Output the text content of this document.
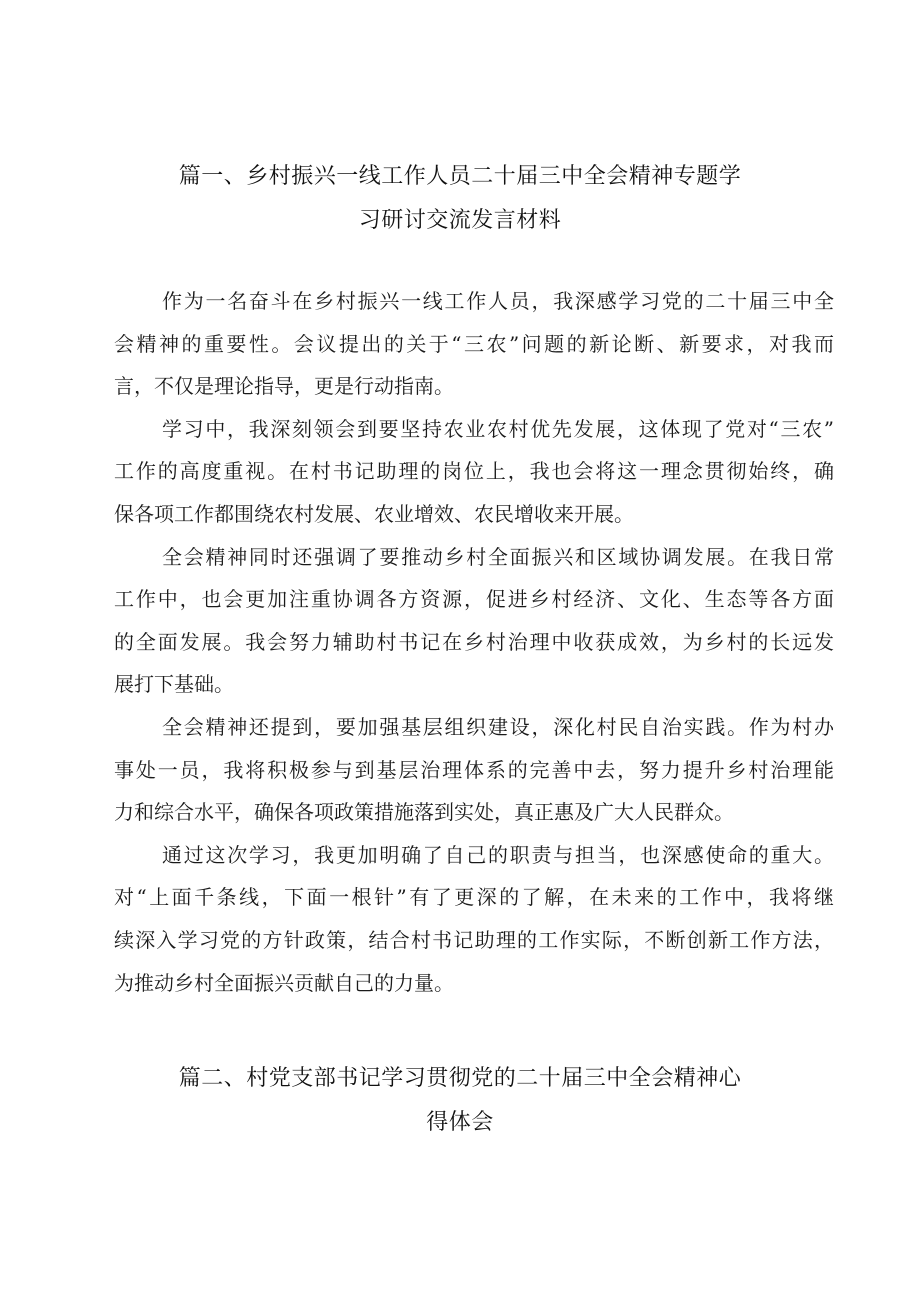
篇一、乡村振兴一线工作人员二十届三中全会精神专题学
习研讨交流发言材料
作为一名奋斗在乡村振兴一线工作人员，我深感学习党的二十届三中全
会精神的重要性。会议提出的关于“三农”问题的新论断、新要求，对我而
言，不仅是理论指导，更是行动指南。
学习中，我深刻领会到要坚持农业农村优先发展，这体现了党对“三农”
工作的高度重视。在村书记助理的岗位上，我也会将这一理念贯彻始终，确
保各项工作都围绕农村发展、农业增效、农民增收来开展。
全会精神同时还强调了要推动乡村全面振兴和区域协调发展。在我日常
工作中，也会更加注重协调各方资源，促进乡村经济、文化、生态等各方面
的全面发展。我会努力辅助村书记在乡村治理中收获成效，为乡村的长远发
展打下基础。
全会精神还提到，要加强基层组织建设，深化村民自治实践。作为村办
事处一员，我将积极参与到基层治理体系的完善中去，努力提升乡村治理能
力和综合水平，确保各项政策措施落到实处，真正惠及广大人民群众。
通过这次学习，我更加明确了自己的职责与担当，也深感使命的重大。
对“上面千条线，下面一根针”有了更深的了解，在未来的工作中，我将继
续深入学习党的方针政策，结合村书记助理的工作实际，不断创新工作方法，
为推动乡村全面振兴贡献自己的力量。
篇二、村党支部书记学习贯彻党的二十届三中全会精神心
得体会
